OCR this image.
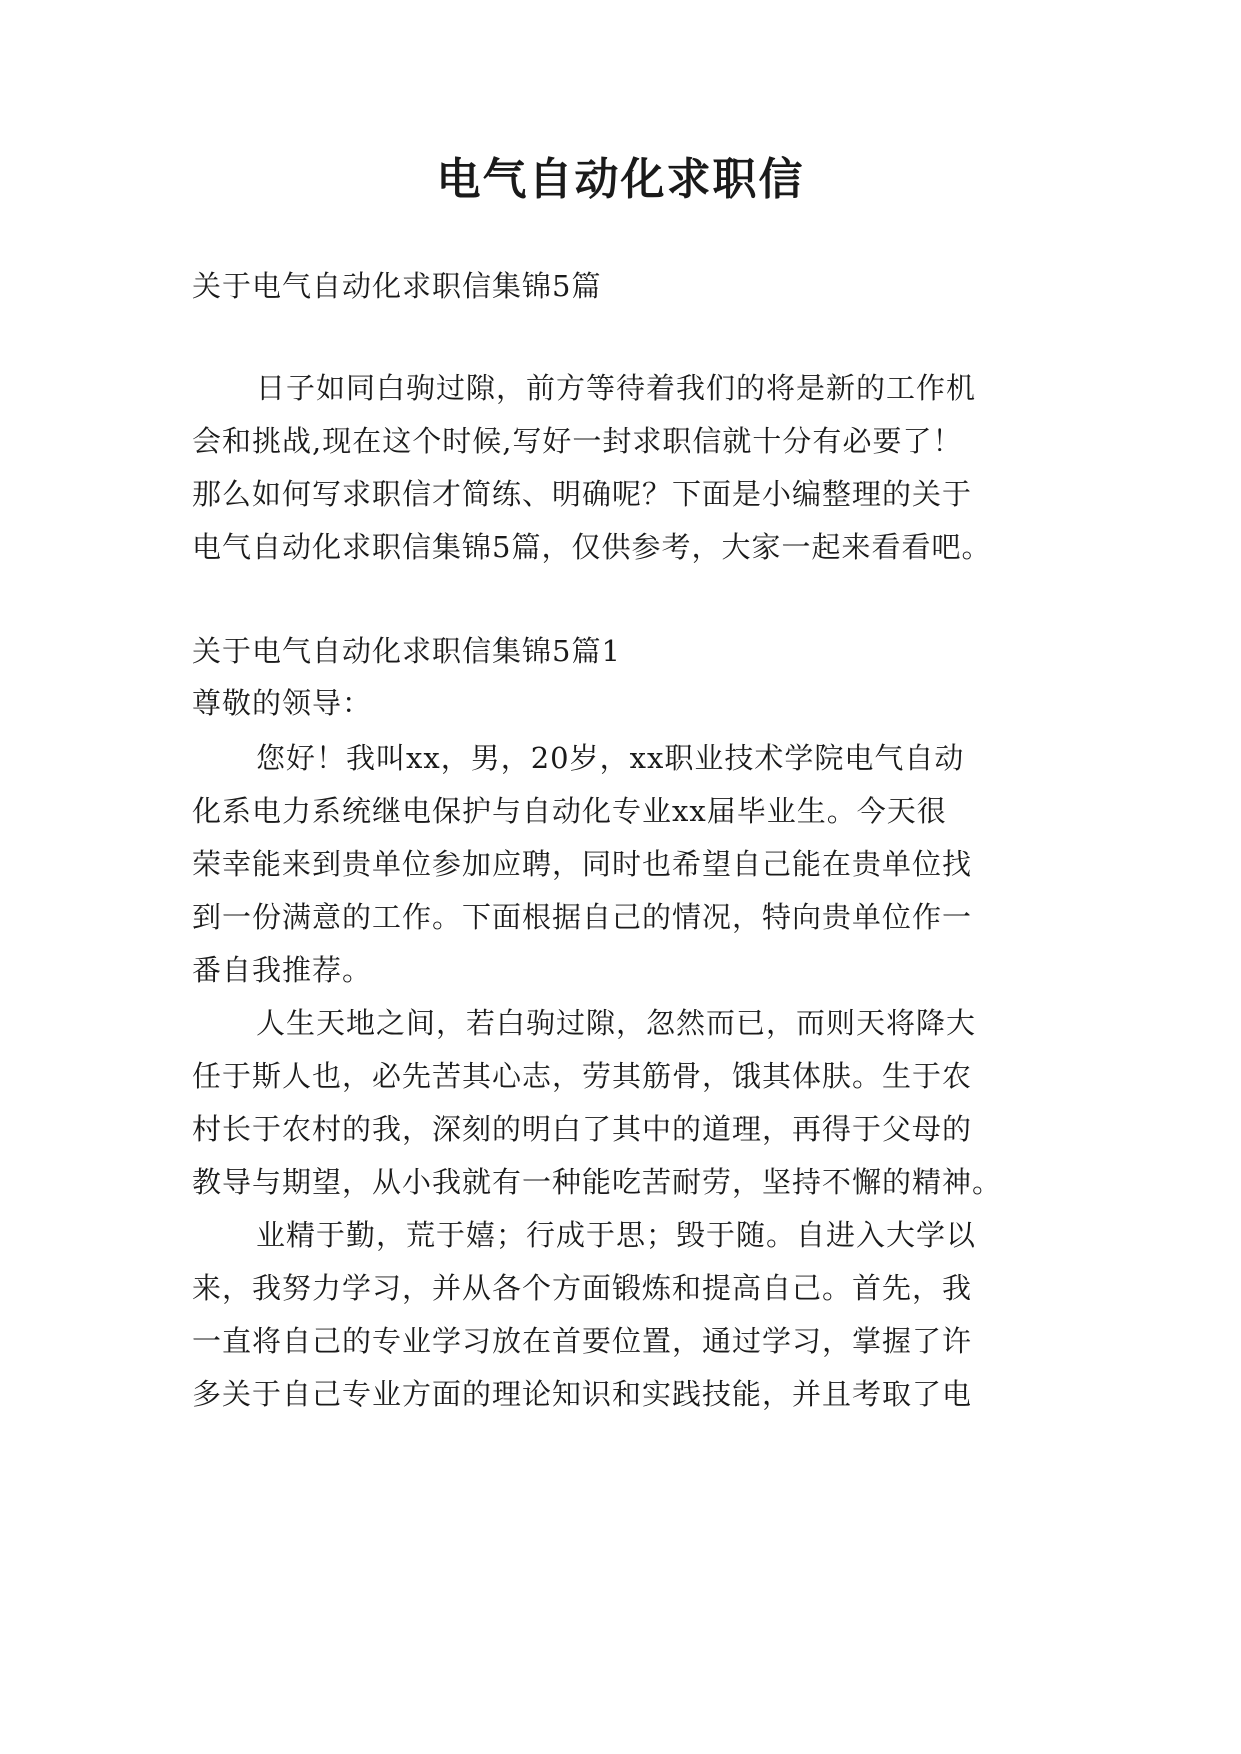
电气自动化求职信
关于电气自动化求职信集锦5篇
日子如同白驹过隙，前方等待着我们的将是新的工作机
会和挑战,现在这个时候,写好一封求职信就十分有必要了！
那么如何写求职信才简练、明确呢？下面是小编整理的关于
电气自动化求职信集锦5篇，仅供参考，大家一起来看看吧。
关于电气自动化求职信集锦5篇1
尊敬的领导：
您好！我叫xx，男，20岁，xx职业技术学院电气自动
化系电力系统继电保护与自动化专业xx届毕业生。今天很
荣幸能来到贵单位参加应聘，同时也希望自己能在贵单位找
到一份满意的工作。下面根据自己的情况，特向贵单位作一
番自我推荐。
人生天地之间，若白驹过隙，忽然而已，而则天将降大
任于斯人也，必先苦其心志，劳其筋骨，饿其体肤。生于农
村长于农村的我，深刻的明白了其中的道理，再得于父母的
教导与期望，从小我就有一种能吃苦耐劳，坚持不懈的精神。
业精于勤，荒于嬉；行成于思；毁于随。自进入大学以
来，我努力学习，并从各个方面锻炼和提高自己。首先，我
一直将自己的专业学习放在首要位置，通过学习，掌握了许
多关于自己专业方面的理论知识和实践技能，并且考取了电
